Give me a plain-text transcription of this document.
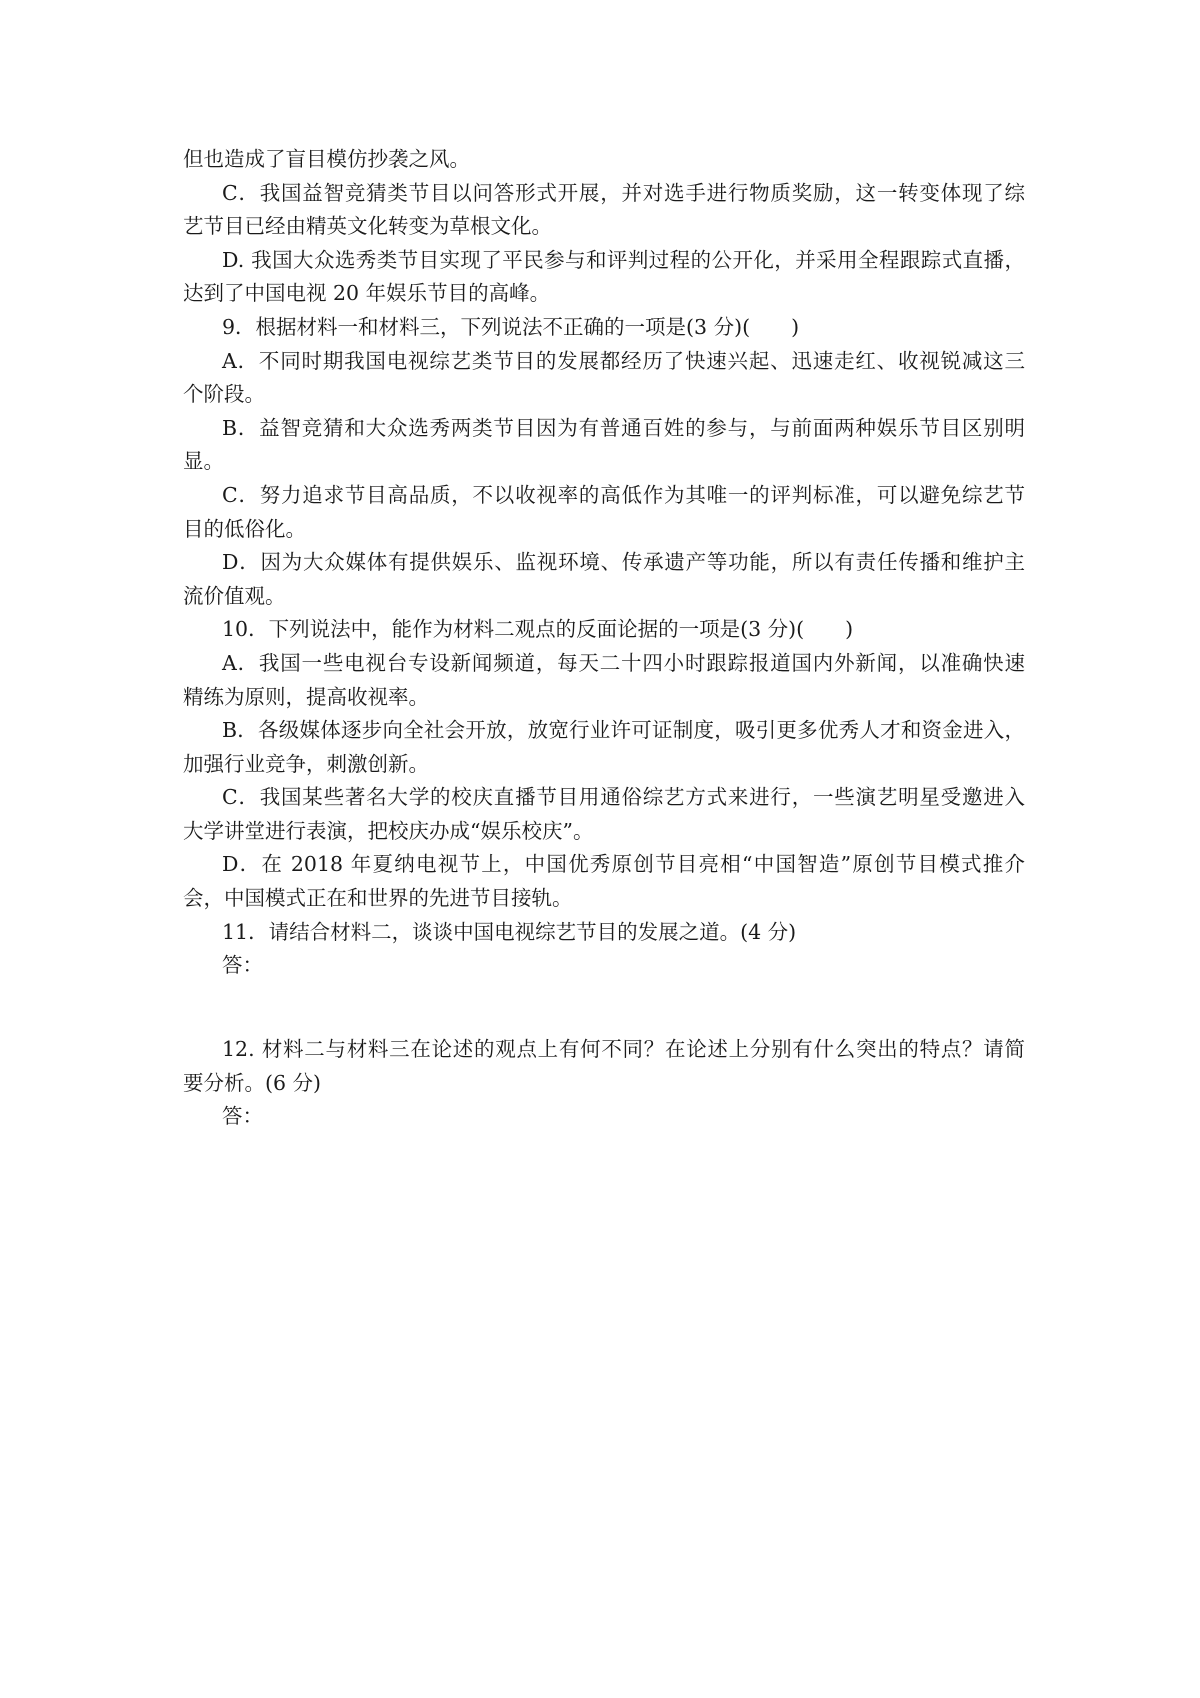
但也造成了盲目模仿抄袭之风。
C．我国益智竞猜类节目以问答形式开展，并对选手进行物质奖励，这一转变体现了综
艺节目已经由精英文化转变为草根文化。
D. 我国大众选秀类节目实现了平民参与和评判过程的公开化，并采用全程跟踪式直播，
达到了中国电视 20 年娱乐节目的高峰。
9．根据材料一和材料三，下列说法不正确的一项是(3 分)(　　)
A．不同时期我国电视综艺类节目的发展都经历了快速兴起、迅速走红、收视锐减这三
个阶段。
B．益智竞猜和大众选秀两类节目因为有普通百姓的参与，与前面两种娱乐节目区别明
显。
C．努力追求节目高品质，不以收视率的高低作为其唯一的评判标准，可以避免综艺节
目的低俗化。
D．因为大众媒体有提供娱乐、监视环境、传承遗产等功能，所以有责任传播和维护主
流价值观。
10．下列说法中，能作为材料二观点的反面论据的一项是(3 分)(　　)
A．我国一些电视台专设新闻频道，每天二十四小时跟踪报道国内外新闻，以准确快速
精练为原则，提高收视率。
B．各级媒体逐步向全社会开放，放宽行业许可证制度，吸引更多优秀人才和资金进入，
加强行业竞争，刺激创新。
C．我国某些著名大学的校庆直播节目用通俗综艺方式来进行，一些演艺明星受邀进入
大学讲堂进行表演，把校庆办成“娱乐校庆”。
D．在 2018 年夏纳电视节上，中国优秀原创节目亮相“中国智造”原创节目模式推介
会，中国模式正在和世界的先进节目接轨。
11．请结合材料二，谈谈中国电视综艺节目的发展之道。(4 分)
答：
12. 材料二与材料三在论述的观点上有何不同？在论述上分别有什么突出的特点？请简
要分析。(6 分)
答：
